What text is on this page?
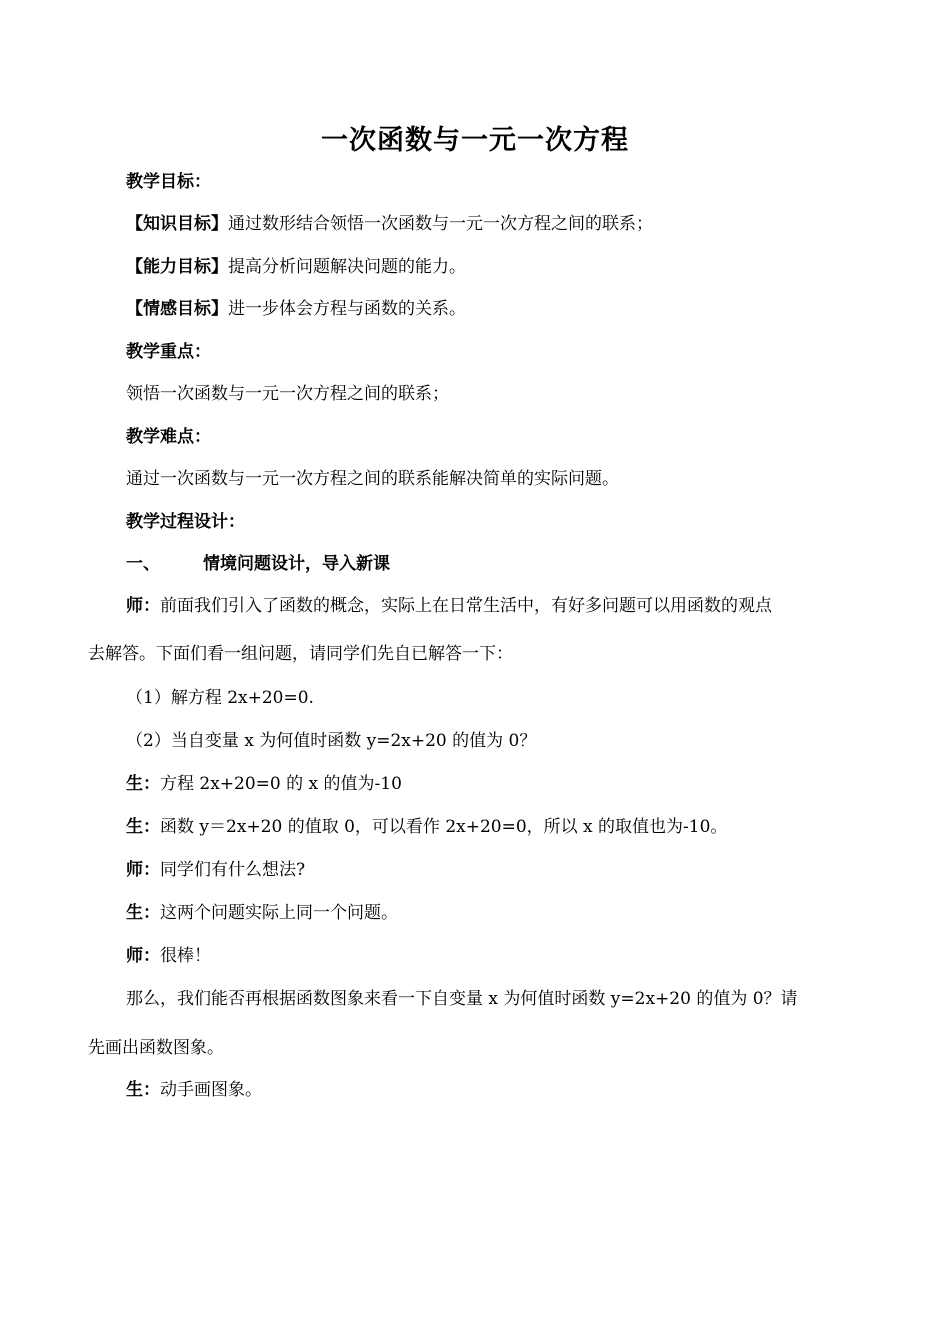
一次函数与一元一次方程
教学目标：
【知识目标】通过数形结合领悟一次函数与一元一次方程之间的联系；
【能力目标】提高分析问题解决问题的能力。
【情感目标】进一步体会方程与函数的关系。
教学重点：
领悟一次函数与一元一次方程之间的联系；
教学难点：
通过一次函数与一元一次方程之间的联系能解决简单的实际问题。
教学过程设计：
一、	情境问题设计，导入新课
师：前面我们引入了函数的概念，实际上在日常生活中，有好多问题可以用函数的观点
去解答。下面们看一组问题，请同学们先自已解答一下：
（1）解方程 2x+20=0.
（2）当自变量 x 为何值时函数 y=2x+20 的值为 0？
生：方程 2x+20=0 的 x 的值为-10
生：函数 y＝2x+20 的值取 0，可以看作 2x+20=0，所以 x 的取值也为-10。
师：同学们有什么想法?
生：这两个问题实际上同一个问题。
师：很棒！
那么，我们能否再根据函数图象来看一下自变量 x 为何值时函数 y=2x+20 的值为 0？请
先画出函数图象。
生：动手画图象。
